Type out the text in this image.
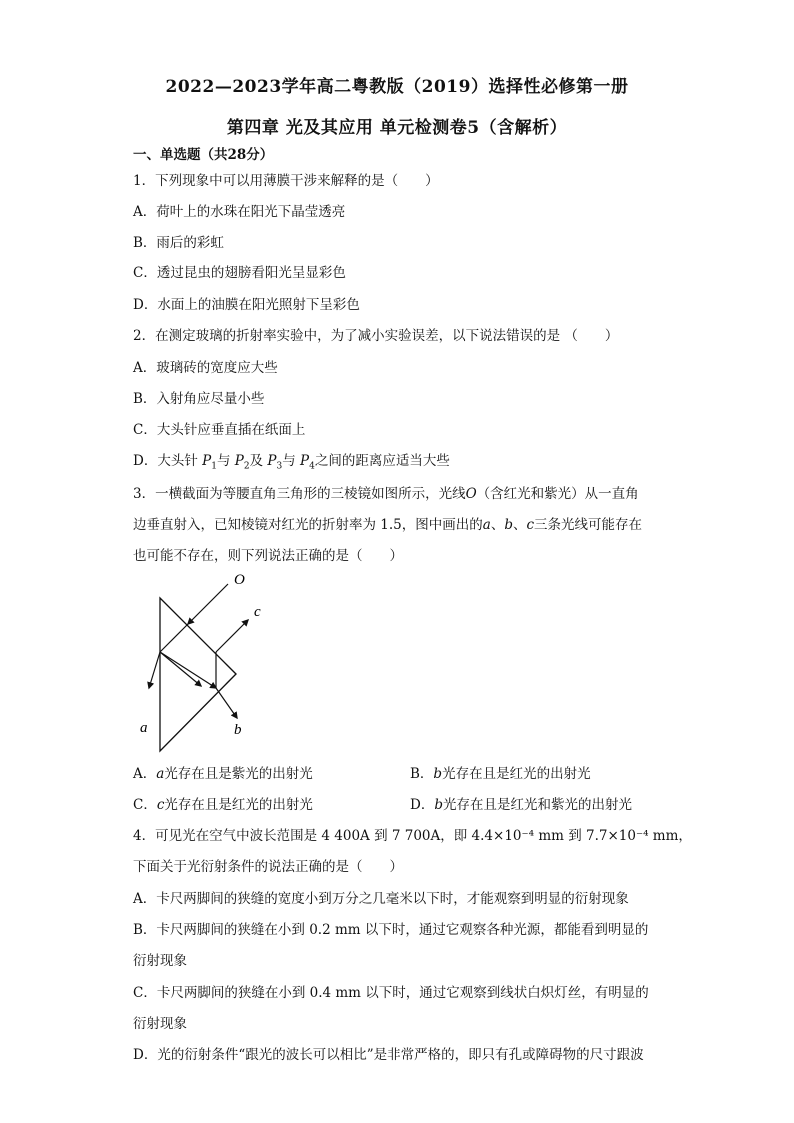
2022—2023学年高二粤教版（2019）选择性必修第一册
第四章 光及其应用 单元检测卷5（含解析）
一、单选题（共28分）
1．下列现象中可以用薄膜干涉来解释的是（　　）
A．荷叶上的水珠在阳光下晶莹透亮
B．雨后的彩虹
C．透过昆虫的翅膀看阳光呈显彩色
D．水面上的油膜在阳光照射下呈彩色
2．在测定玻璃的折射率实验中，为了减小实验误差，以下说法错误的是 （　　）
A．玻璃砖的宽度应大些
B．入射角应尽量小些
C．大头针应垂直插在纸面上
D．大头针 $P_1$与 $P_2$及 $P_3$与 $P_4$之间的距离应适当大些
3．一横截面为等腰直角三角形的三棱镜如图所示，光线O（含红光和紫光）从一直角
边垂直射入，已知棱镜对红光的折射率为 1.5，图中画出的a、b、c三条光线可能存在
也可能不存在，则下列说法正确的是（　　）
O
c
a	b
A．a光存在且是紫光的出射光	B．b光存在且是红光的出射光
C．c光存在且是红光的出射光	D．b光存在且是红光和紫光的出射光
4．可见光在空气中波长范围是 4 400A 到 7 700A，即 4.4×10⁻⁴ mm 到 7.7×10⁻⁴ mm，
下面关于光衍射条件的说法正确的是（　　）
A．卡尺两脚间的狭缝的宽度小到万分之几毫米以下时，才能观察到明显的衍射现象
B．卡尺两脚间的狭缝在小到 0.2 mm 以下时，通过它观察各种光源，都能看到明显的
衍射现象
C．卡尺两脚间的狭缝在小到 0.4 mm 以下时，通过它观察到线状白炽灯丝，有明显的
衍射现象
D．光的衍射条件“跟光的波长可以相比”是非常严格的，即只有孔或障碍物的尺寸跟波
